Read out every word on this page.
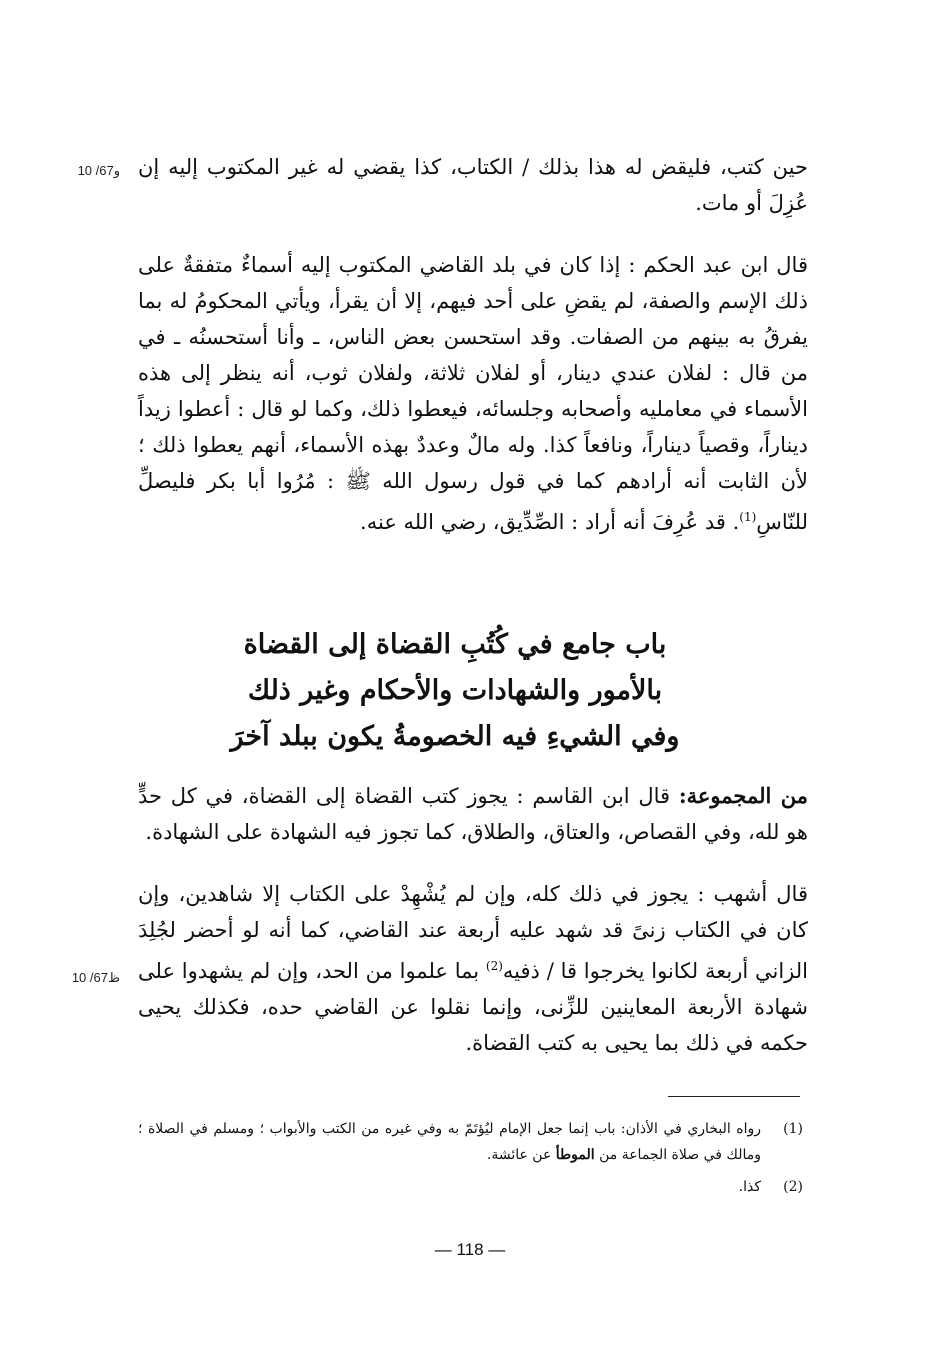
10 /67و حين كتب، فليقض له هذا بذلك / الكتاب، كذا يقضي له غير المكتوب إليه إن عُزِلَ أو مات.

قال ابن عبد الحكم : إذا كان في بلد القاضي المكتوب إليه أسماءٌ متفقةٌ على ذلك الإسم والصفة، لم يقضِ على أحد فيهم، إلا أن يقرأ، ويأتي المحكومُ له بما يفرقُ به بينهم من الصفات. وقد استحسن بعض الناس، ـ وأنا أستحسنُه ـ في من قال : لفلان عندي دينار، أو لفلان ثلاثة، ولفلان ثوب، أنه ينظر إلى هذه الأسماء في معامليه وأصحابه وجلسائه، فيعطوا ذلك، وكما لو قال : أعطوا زيداً ديناراً، وقصياً ديناراً، ونافعاً كذا. وله مالٌ وعددٌ بهذه الأسماء، أنهم يعطوا ذلك ؛ لأن الثابت أنه أرادهم كما في قول رسول الله ﷺ : مُرُوا أبا بكر فليصلِّ للنّاسِ$^{(1)}$. قد عُرِفَ أنه أراد : الصِّدِّيق، رضي الله عنه.

باب جامع في كُتُبِ القضاة إلى القضاة
بالأمور والشهادات والأحكام وغير ذلك
وفي الشيءِ فيه الخصومةُ يكون ببلد آخرَ

من المجموعة: قال ابن القاسم : يجوز كتب القضاة إلى القضاة، في كل حدٍّ هو لله، وفي القصاص، والعتاق، والطلاق، كما تجوز فيه الشهادة على الشهادة.

قال أشهب : يجوز في ذلك كله، وإن لم يُشْهِدْ على الكتاب إلا شاهدين، وإن كان في الكتاب زنىً قد شهد عليه أربعة عند القاضي، كما أنه لو أحضر لجُلِدَ الزاني أربعة لكانوا يخرجوا قا / ذفيه$^{(2)}$ بما علموا من الحد، وإن لم يشهدوا على شهادة الأربعة المعاينين للزِّنى، وإنما نقلوا عن القاضي حده، فكذلك يحيى حكمه في ذلك بما يحيى به كتب القضاة.

10 /67ظ
(1)
رواه البخاري في الأذان: باب إنما جعل الإمام ليُؤتَمّ به وفي غيره من الكتب والأبواب ؛ ومسلم في الصلاة ؛ ومالك في صلاة الجماعة من الموطأ عن عائشة.
(2)
كذا.
— 118 —
